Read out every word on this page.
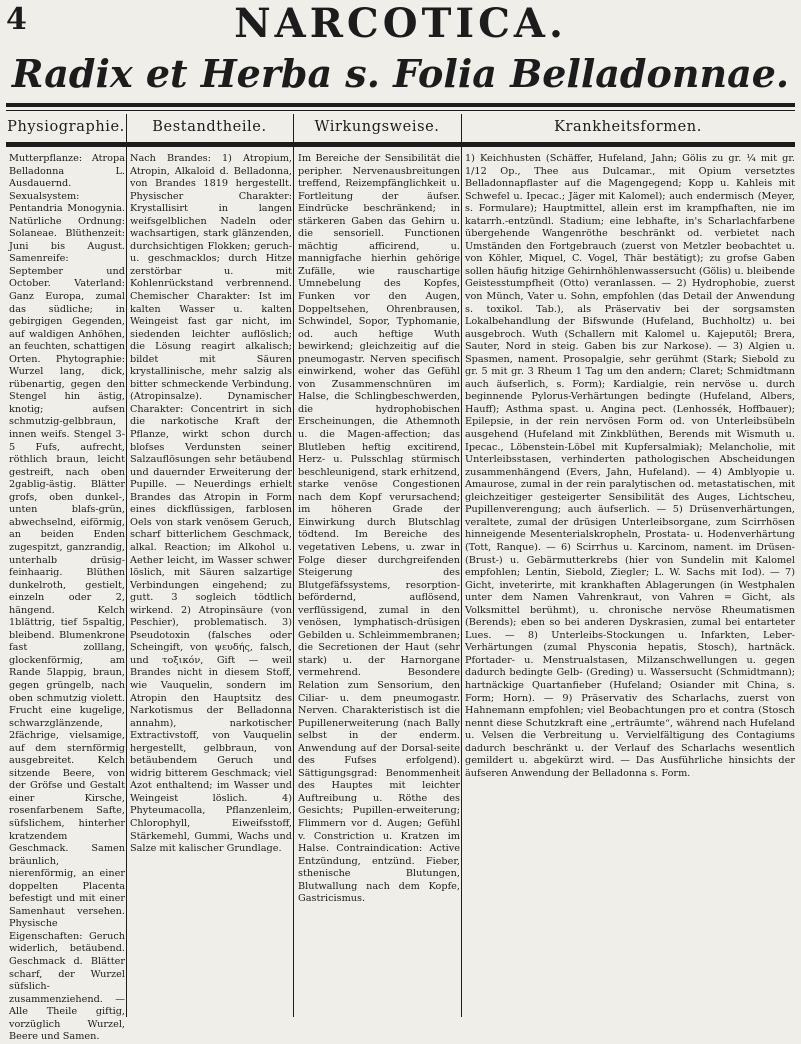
4	NARCOTICA.
Radix et Herba s. Folia Belladonnae.
Physiographie.	Bestandtheile.	Wirkungsweise.	Krankheitsformen.

Mutterpflanze: Atropa Belladonna L. Ausdauernd. Sexualsystem: Pentandria Monogynia. Natürliche Ordnung: Solaneae. Blüthenzeit: Juni bis August. Samenreife: September und October. Vaterland: Ganz Europa, zumal das südliche; in gebirgigen Gegenden, auf waldigen Anhöhen, an feuchten, schattigen Orten. Phytographie: Wurzel lang, dick, rübenartig, gegen den Stengel hin ästig, knotig; aufsen schmutzig-gelbbraun, innen weifs. Stengel 3-5 Fufs, aufrecht, röthlich braun, leicht gestreift, nach oben 2gablig-ästig. Blätter grofs, oben dunkel-, unten blafs-grün, abwechselnd, eiförmig, an beiden Enden zugespitzt, ganzrandig, unterhalb drüsig-feinhaarig. Blüthen dunkelroth, gestielt, einzeln oder 2, hängend. Kelch 1blättrig, tief 5spaltig, bleibend. Blumenkrone fast zolllang, glockenförmig, am Rande 5lappig, braun, gegen grüngelb, nach oben schmutzig violett. Frucht eine kugelige, schwarzglänzende, 2fächrige, vielsamige, auf dem sternförmig ausgebreitet. Kelch sitzende Beere, von der Gröfse und Gestalt einer Kirsche, rosenfarbenem Safte, süfslichem, hinterher kratzendem Geschmack. Samen bräunlich, nierenförmig, an einer doppelten Placenta befestigt und mit einer Samenhaut versehen. Physische Eigenschaften: Geruch widerlich, betäubend. Geschmack d. Blätter scharf, der Wurzel süfslich-zusammenziehend. — Alle Theile giftig, vorzüglich Wurzel, Beere und Samen.

Nach Brandes: 1) Atropium, Atropin, Alkaloid d. Belladonna, von Brandes 1819 hergestellt. Physischer Charakter: Krystallisirt in langen weifsgelblichen Nadeln oder wachsartigen, stark glänzenden, durchsichtigen Flokken; geruch- u. geschmacklos; durch Hitze zerstörbar u. mit Kohlenrückstand verbrennend. Chemischer Charakter: Ist im kalten Wasser u. kalten Weingeist fast gar nicht, im siedenden leichter auflöslich; die Lösung reagirt alkalisch; bildet mit Säuren krystallinische, mehr salzig als bitter schmeckende Verbindung. (Atropinsalze). Dynamischer Charakter: Concentrirt in sich die narkotische Kraft der Pflanze, wirkt schon durch blofses Verdunsten seiner Salzauflösungen sehr betäubend und dauernder Erweiterung der Pupille. — Neuerdings erhielt Brandes das Atropin in Form eines dickflüssigen, farblosen Oels von stark venösem Geruch, scharf bitterlichem Geschmack, alkal. Reaction; im Alkohol u. Aether leicht, im Wasser schwer löslich, mit Säuren salzartige Verbindungen eingehend; zu gutt. 3 sogleich tödtlich wirkend. 2) Atropinsäure (von Peschier), problematisch. 3) Pseudotoxin (falsches oder Scheingift, von ψευδής, falsch, und τοξικόν, Gift — weil Brandes nicht in diesem Stoff, wie Vauquelin, sondern im Atropin den Hauptsitz des Narkotismus der Belladonna annahm), narkotischer Extractivstoff, von Vauquelin hergestellt, gelbbraun, von betäubendem Geruch und widrig bitterem Geschmack; viel Azot enthaltend; im Wasser und Weingeist löslich. 4) Phyteumacolla, Pflanzenleim, Chlorophyll, Eiweifsstoff, Stärkemehl, Gummi, Wachs und Salze mit kalischer Grundlage.

Im Bereiche der Sensibilität die peripher. Nervenausbreitungen treffend, Reizempfänglichkeit u. Fortleitung der äufser. Eindrücke beschränkend; in stärkeren Gaben das Gehirn u. die sensoriell. Functionen mächtig afficirend, u. mannigfache hierhin gehörige Zufälle, wie rauschartige Umnebelung des Kopfes, Funken vor den Augen, Doppeltsehen, Ohrenbrausen, Schwindel, Sopor, Typhomanie, od. auch heftige Wuth bewirkend; gleichzeitig auf die pneumogastr. Nerven specifisch einwirkend, woher das Gefühl von Zusammenschnüren im Halse, die Schlingbeschwerden, die hydrophobischen Erscheinungen, die Athemnoth u. die Magen-affection; das Blutleben heftig excitirend, Herz- u. Pulsschlag stürmisch beschleunigend, stark erhitzend, starke venöse Congestionen nach dem Kopf verursachend; im höheren Grade der Einwirkung durch Blutschlag tödtend. Im Bereiche des vegetativen Lebens, u. zwar in Folge dieser durchgreifenden Steigerung des Blutgefäfssystems, resorption-befördernd, auflösend, verflüssigend, zumal in den venösen, lymphatisch-drüsigen Gebilden u. Schleimmembranen; die Secretionen der Haut (sehr stark) u. der Harnorgane vermehrend. Besondere Relation zum Sensorium, den Ciliar- u. dem pneumogastr. Nerven. Charakteristisch ist die Pupillenerweiterung (nach Bally selbst in der enderm. Anwendung auf der Dorsal-seite des Fufses erfolgend). Sättigungsgrad: Benommenheit des Hauptes mit leichter Auftreibung u. Röthe des Gesichts; Pupillen-erweiterung; Flimmern vor d. Augen; Gefühl v. Constriction u. Kratzen im Halse. Contraindication: Active Entzündung, entzünd. Fieber, sthenische Blutungen, Blutwallung nach dem Kopfe, Gastricismus.

1) Keichhusten (Schäffer, Hufeland, Jahn; Gölis zu gr. ¼ mit gr. 1/12 Op., Thee aus Dulcamar., mit Opium versetztes Belladonnapflaster auf die Magengegend; Kopp u. Kahleis mit Schwefel u. Ipecac.; Jäger mit Kalomel); auch endermisch (Meyer, s. Formulare); Hauptmittel, allein erst im krampfhaften, nie im katarrh.-entzündl. Stadium; eine lebhafte, in's Scharlachfarbene übergehende Wangenröthe beschränkt od. verbietet nach Umständen den Fortgebrauch (zuerst von Metzler beobachtet u. von Köhler, Miquel, C. Vogel, Thär bestätigt); zu grofse Gaben sollen häufig hitzige Gehirnhöhlenwassersucht (Gölis) u. bleibende Geistesstumpfheit (Otto) veranlassen. — 2) Hydrophobie, zuerst von Münch, Vater u. Sohn, empfohlen (das Detail der Anwendung s. toxikol. Tab.), als Präservativ bei der sorgsamsten Lokalbehandlung der Bifswunde (Hufeland, Buchholtz) u. bei ausgebroch. Wuth (Schallern mit Kalomel u. Kajeputöl; Brera, Sauter, Nord in steig. Gaben bis zur Narkose). — 3) Algien u. Spasmen, nament. Prosopalgie, sehr gerühmt (Stark; Siebold zu gr. 5 mit gr. 3 Rheum 1 Tag um den andern; Claret; Schmidtmann auch äufserlich, s. Form); Kardialgie, rein nervöse u. durch beginnende Pylorus-Verhärtungen bedingte (Hufeland, Albers, Hauff); Asthma spast. u. Angina pect. (Lenhossék, Hoffbauer); Epilepsie, in der rein nervösen Form od. von Unterleibsübeln ausgehend (Hufeland mit Zinkblüthen, Berends mit Wismuth u. Ipecac., Löbenstein-Löbel mit Kupfersalmiak); Melancholie, mit Unterleibsstasen, verhinderten pathologischen Abscheidungen zusammenhängend (Evers, Jahn, Hufeland). — 4) Amblyopie u. Amaurose, zumal in der rein paralytischen od. metastatischen, mit gleichzeitiger gesteigerter Sensibilität des Auges, Lichtscheu, Pupillenverengung; auch äufserlich. — 5) Drüsenverhärtungen, veraltete, zumal der drüsigen Unterleibsorgane, zum Scirrhösen hinneigende Mesenterialskropheln, Prostata- u. Hodenverhärtung (Tott, Ranque). — 6) Scirrhus u. Karcinom, nament. im Drüsen- (Brust-) u. Gebärmutterkrebs (hier von Sundelin mit Kalomel empfohlen; Lentin, Siebold, Ziegler; L. W. Sachs mit Iod). — 7) Gicht, inveterirte, mit krankhaften Ablagerungen (in Westphalen unter dem Namen Vahrenkraut, von Vahren = Gicht, als Volksmittel berühmt), u. chronische nervöse Rheumatismen (Berends); eben so bei anderen Dyskrasien, zumal bei entarteter Lues. — 8) Unterleibs-Stockungen u. Infarkten, Leber-Verhärtungen (zumal Physconia hepatis, Stosch), hartnäck. Pfortader- u. Menstrualstasen, Milzanschwellungen u. gegen dadurch bedingte Gelb- (Greding) u. Wassersucht (Schmidtmann); hartnäckige Quartanfieber (Hufeland; Osiander mit China, s. Form; Horn). — 9) Präservativ des Scharlachs, zuerst von Hahnemann empfohlen; viel Beobachtungen pro et contra (Stosch nennt diese Schutzkraft eine „erträumte“, während nach Hufeland u. Velsen die Verbreitung u. Vervielfältigung des Contagiums dadurch beschränkt u. der Verlauf des Scharlachs wesentlich gemildert u. abgekürzt wird. — Das Ausführliche hinsichts der äufseren Anwendung der Belladonna s. Form.
